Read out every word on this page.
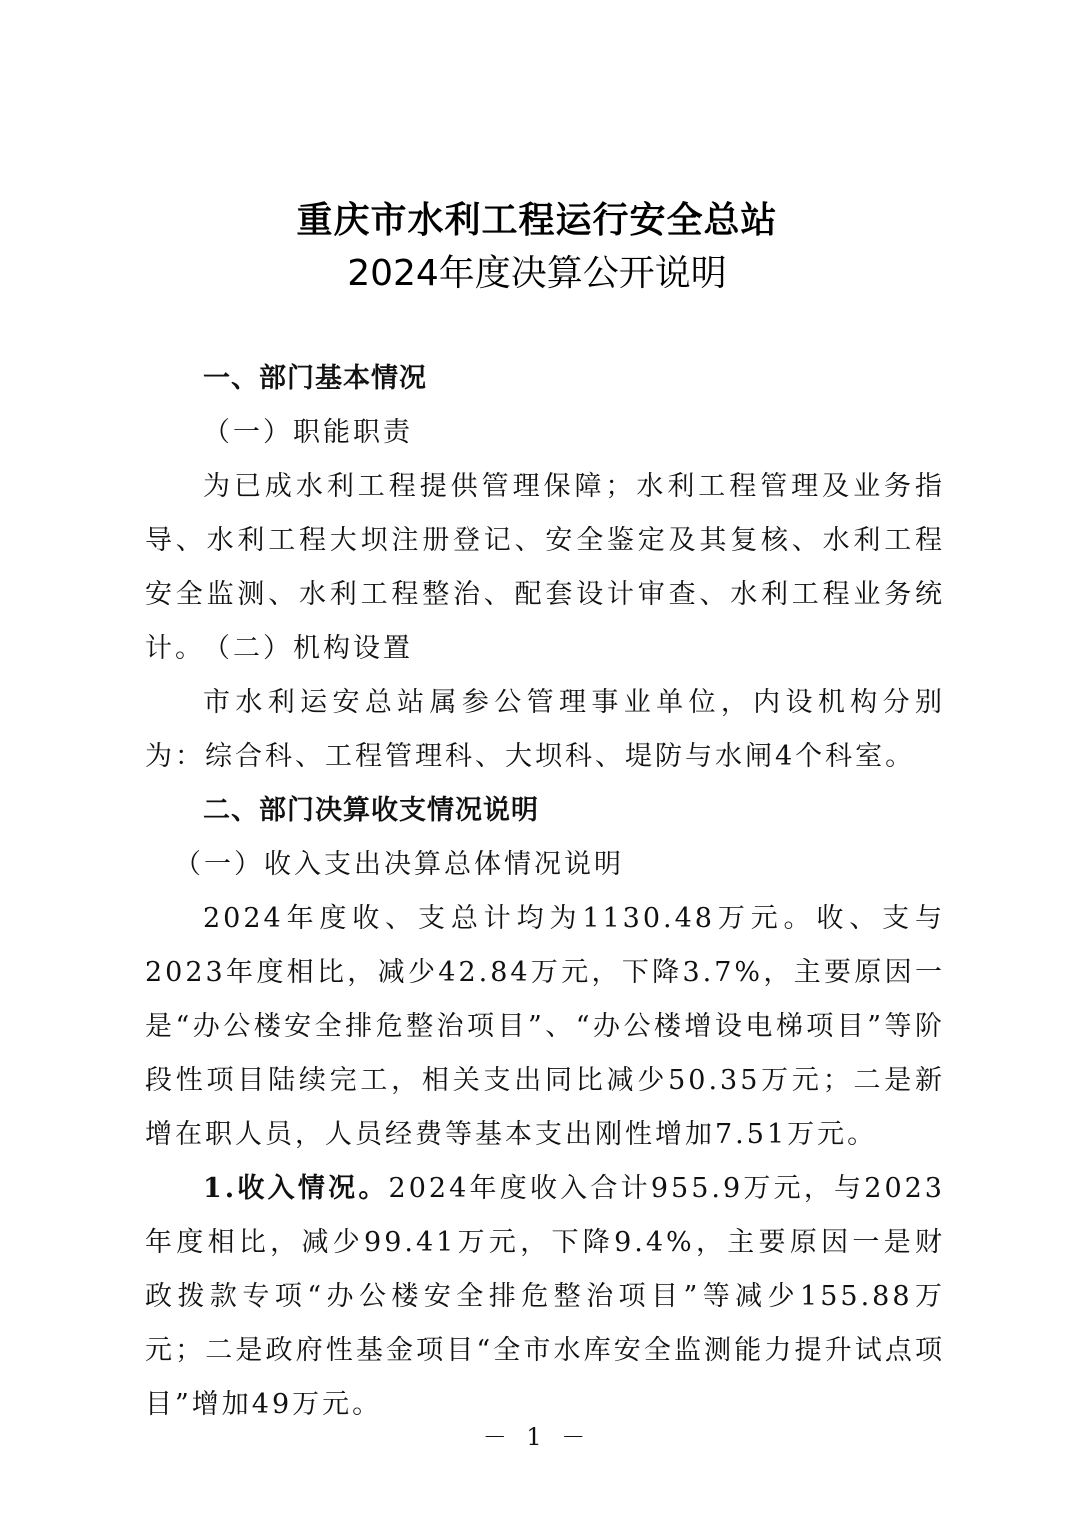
重庆市水利工程运行安全总站
2024年度决算公开说明
一、部门基本情况
（一）职能职责
为已成水利工程提供管理保障；水利工程管理及业务指导、水利工程大坝注册登记、安全鉴定及其复核、水利工程安全监测、水利工程整治、配套设计审查、水利工程业务统计。
（二）机构设置
市水利运安总站属参公管理事业单位，内设机构分别为：综合科、工程管理科、大坝科、堤防与水闸4个科室。
二、部门决算收支情况说明
（一）收入支出决算总体情况说明
2024年度收、支总计均为1130.48万元。收、支与2023年度相比，减少42.84万元，下降3.7%，主要原因一是“办公楼安全排危整治项目”、“办公楼增设电梯项目”等阶段性项目陆续完工，相关支出同比减少50.35万元；二是新增在职人员，人员经费等基本支出刚性增加7.51万元。
1.收入情况。2024年度收入合计955.9万元，与2023年度相比，减少99.41万元，下降9.4%，主要原因一是财政拨款专项“办公楼安全排危整治项目”等减少155.88万元；二是政府性基金项目“全市水库安全监测能力提升试点项目”增加49万元。
－ 1 －
